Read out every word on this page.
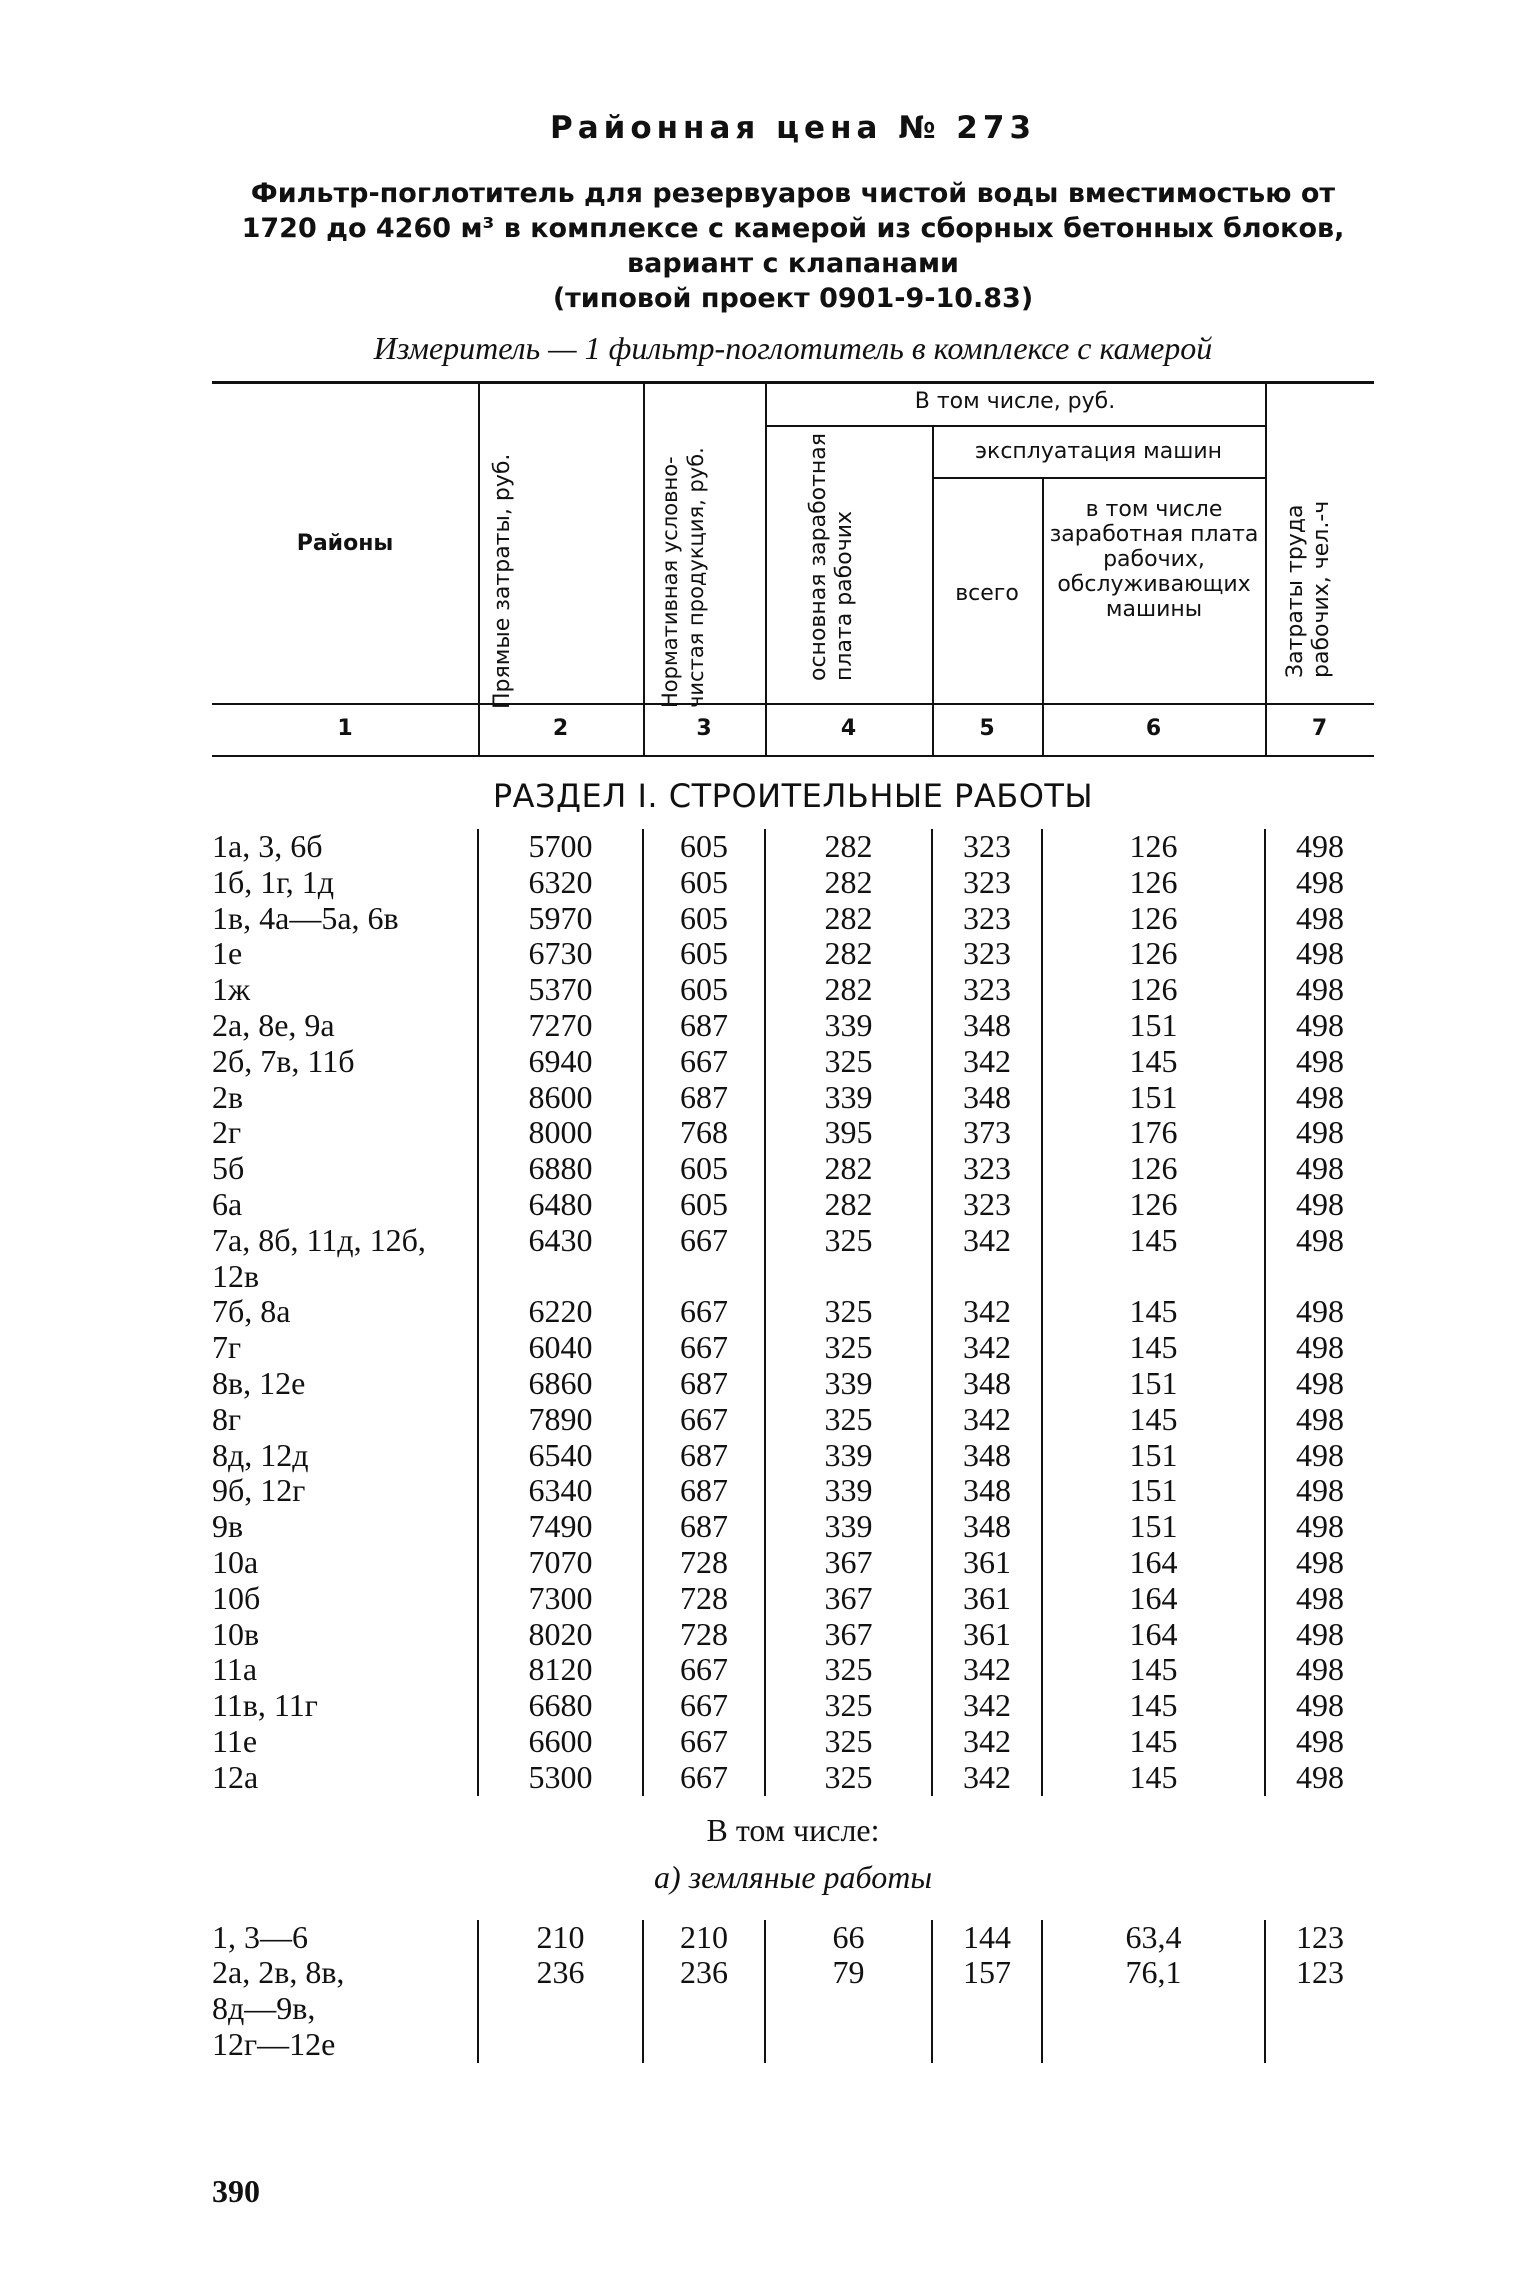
Районная цена № 273

Фильтр-поглотитель для резервуаров чистой воды вместимостью от
1720 до 4260 м³ в комплексе с камерой из сборных бетонных блоков,
вариант с клапанами
(типовой проект 0901-9-10.83)

Измеритель — 1 фильтр-поглотитель в комплексе с камерой
Районы	Прямые затраты, руб.	Нормативная условно-чистая продукция, руб.
В том числе, руб.
основная заработная плата рабочих
эксплуатация машин
всего
в том числе заработная плата рабочих, обслуживающих машины	Затраты труда рабочих, чел.-ч
1	2	3	4	5	6	7
РАЗДЕЛ I. СТРОИТЕЛЬНЫЕ РАБОТЫ
1а, 3, 6б	5700	605	282	323	126	498
1б, 1г, 1д	6320	605	282	323	126	498
1в, 4а—5а, 6в	5970	605	282	323	126	498
1е	6730	605	282	323	126	498
1ж	5370	605	282	323	126	498
2а, 8е, 9а	7270	687	339	348	151	498
2б, 7в, 11б	6940	667	325	342	145	498
2в	8600	687	339	348	151	498
2г	8000	768	395	373	176	498
5б	6880	605	282	323	126	498
6а	6480	605	282	323	126	498
7а, 8б, 11д, 12б,
12в	6430	667	325	342	145	498
7б, 8а	6220	667	325	342	145	498
7г	6040	667	325	342	145	498
8в, 12е	6860	687	339	348	151	498
8г	7890	667	325	342	145	498
8д, 12д	6540	687	339	348	151	498
9б, 12г	6340	687	339	348	151	498
9в	7490	687	339	348	151	498
10а	7070	728	367	361	164	498
10б	7300	728	367	361	164	498
10в	8020	728	367	361	164	498
11а	8120	667	325	342	145	498
11в, 11г	6680	667	325	342	145	498
11е	6600	667	325	342	145	498
12а	5300	667	325	342	145	498
В том числе:
а) земляные работы
1, 3—6	210	210	66	144	63,4	123
2а, 2в, 8в,
8д—9в,
12г—12е	236	236	79	157	76,1	123
390
